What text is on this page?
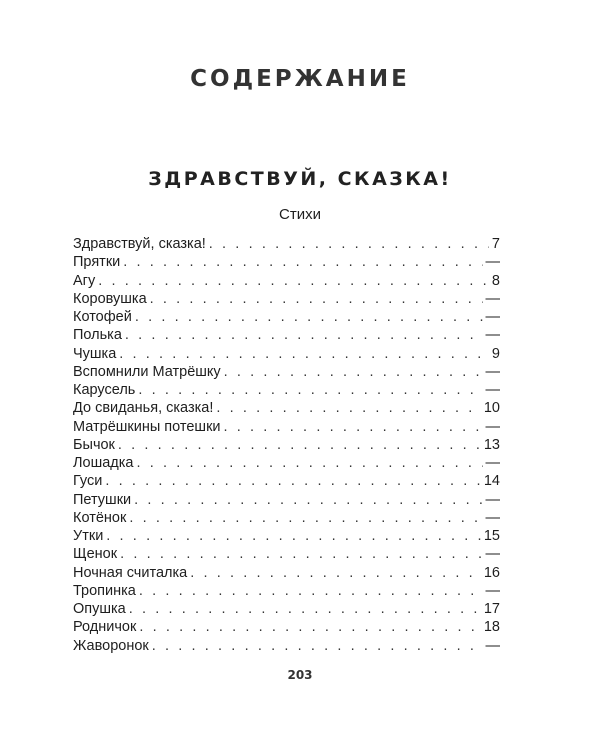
СОДЕРЖАНИЕ
ЗДРАВСТВУЙ, СКАЗКА!
Стихи
Здравствуй, сказка! . . .	7
Прятки . . .	—
Агу . . .	8
Коровушка . . .	—
Котофей . . .	—
Полька . . .	—
Чушка . . .	9
Вспомнили Матрёшку . . .	—
Карусель . . .	—
До свиданья, сказка! . . .	10
Матрёшкины потешки . . .	—
Бычок . . .	13
Лошадка . . .	—
Гуси . . .	14
Петушки . . .	—
Котёнок . . .	—
Утки . . .	15
Щенок . . .	—
Ночная считалка . . .	16
Тропинка . . .	—
Опушка . . .	17
Родничок . . .	18
Жаворонок . . .	—
203
